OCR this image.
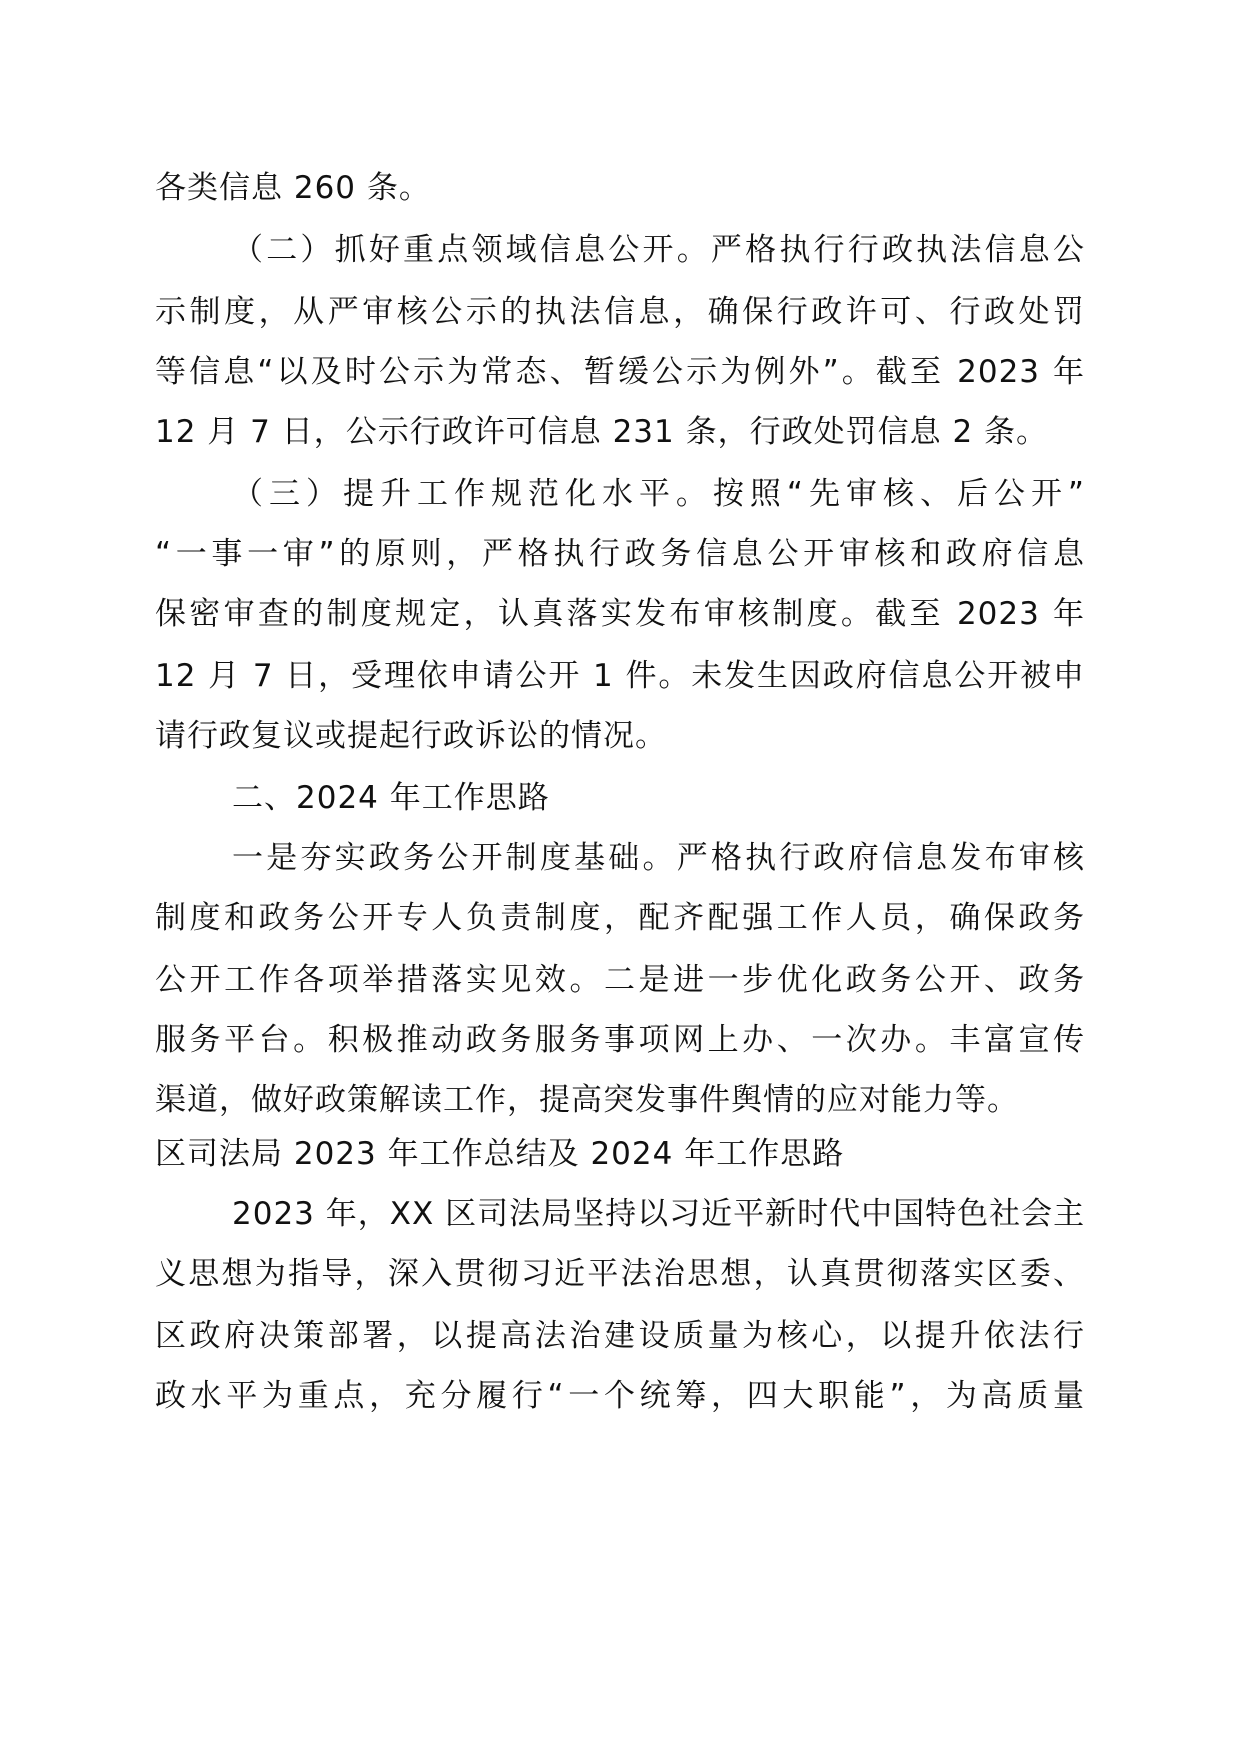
各类信息 260 条。
（二）抓好重点领域信息公开。严格执行行政执法信息公
示制度，从严审核公示的执法信息，确保行政许可、行政处罚
等信息“以及时公示为常态、暂缓公示为例外”。截至 2023 年
12 月 7 日，公示行政许可信息 231 条，行政处罚信息 2 条。
（三）提升工作规范化水平。按照“先审核、后公开”
“一事一审”的原则，严格执行政务信息公开审核和政府信息
保密审查的制度规定，认真落实发布审核制度。截至 2023 年
12 月 7 日，受理依申请公开 1 件。未发生因政府信息公开被申
请行政复议或提起行政诉讼的情况。
二、2024 年工作思路
一是夯实政务公开制度基础。严格执行政府信息发布审核
制度和政务公开专人负责制度，配齐配强工作人员，确保政务
公开工作各项举措落实见效。二是进一步优化政务公开、政务
服务平台。积极推动政务服务事项网上办、一次办。丰富宣传
渠道，做好政策解读工作，提高突发事件舆情的应对能力等。
区司法局 2023 年工作总结及 2024 年工作思路
2023 年，XX 区司法局坚持以习近平新时代中国特色社会主
义思想为指导，深入贯彻习近平法治思想，认真贯彻落实区委、
区政府决策部署，以提高法治建设质量为核心，以提升依法行
政水平为重点，充分履行“一个统筹，四大职能”，为高质量
